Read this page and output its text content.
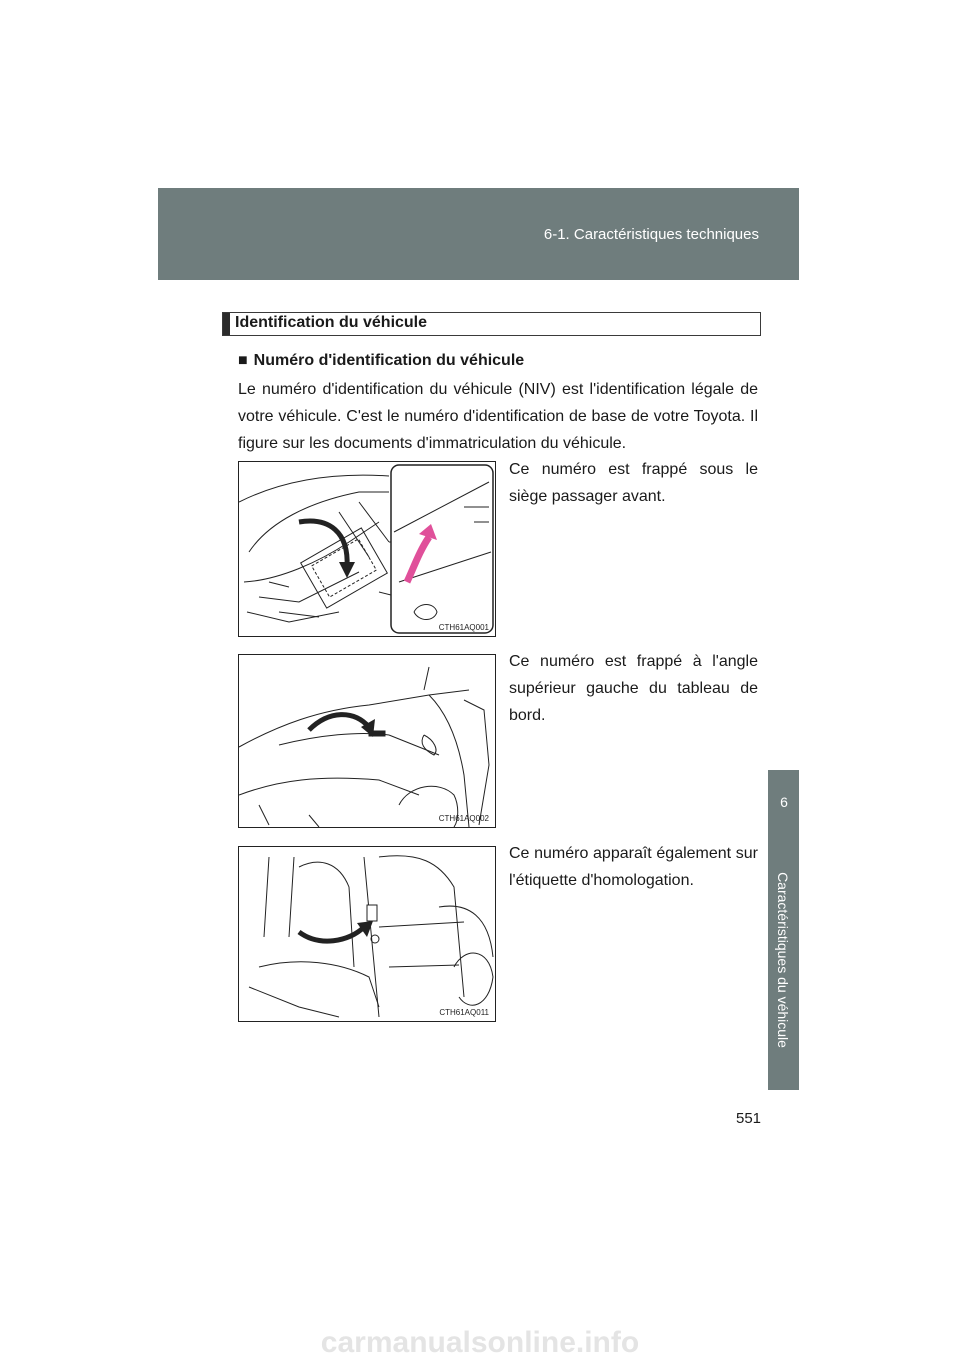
6-1. Caractéristiques techniques
6
Caractéristiques du véhicule
Identification du véhicule
■ Numéro d'identification du véhicule
Le numéro d'identification du véhicule (NIV) est l'identification légale de votre véhicule. C'est le numéro d'identification de base de votre Toyota. Il figure sur les documents d'immatriculation du véhicule.
CTH61AQ001
Ce numéro est frappé sous le siège passager avant.
CTH61AQ002
Ce numéro est frappé à l'angle supérieur gauche du tableau de bord.
CTH61AQ011
Ce numéro apparaît également sur l'étiquette d'homologation.
551
carmanualsonline.info
